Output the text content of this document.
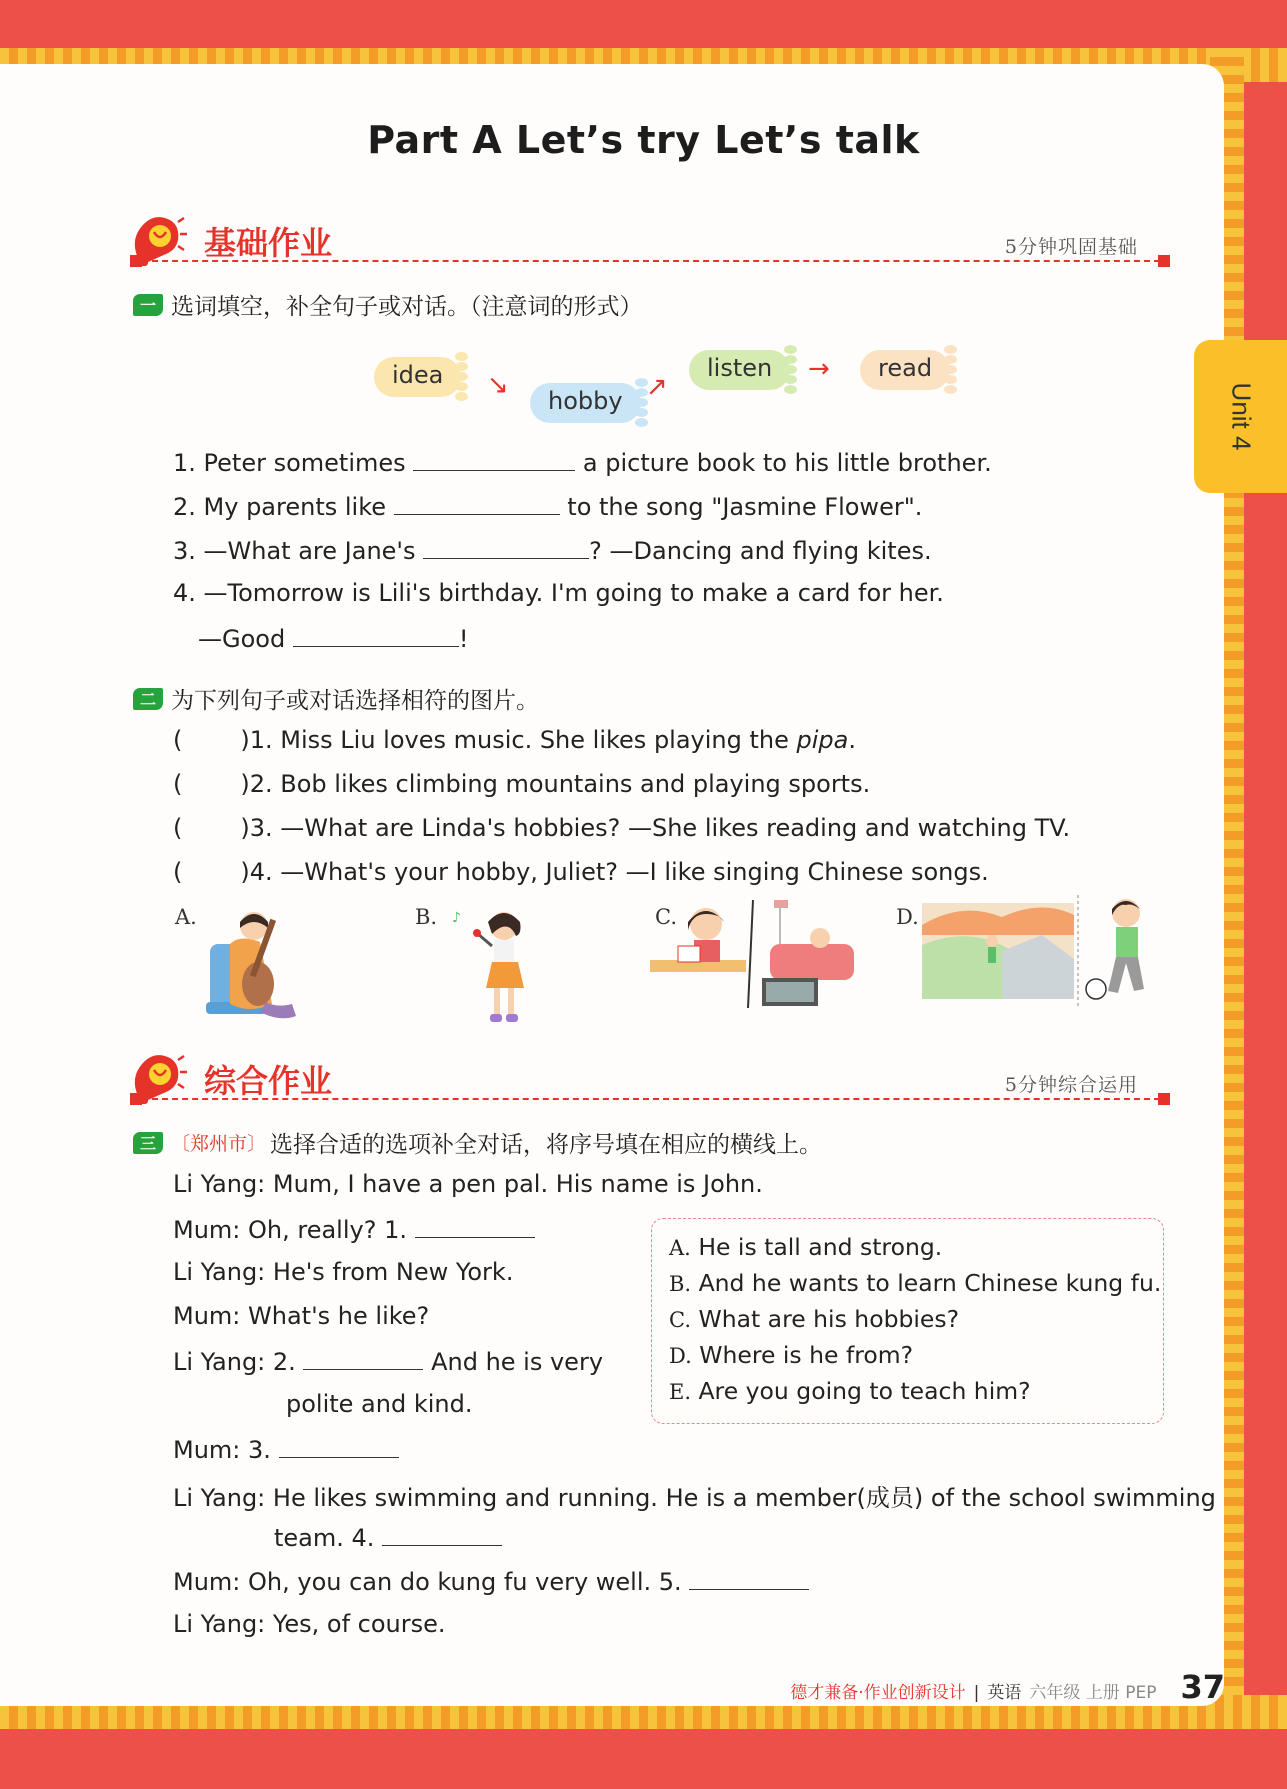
Unit 4
Part A Let’s try Let’s talk
基础作业	5分钟巩固基础
一 选词填空，补全句子或对话。（注意词的形式）
idea	↘
hobby ↗
listen	→	read
1. Peter sometimes	a picture book to his little brother.
2. My parents like	to the song "Jasmine Flower".
3. —What are Jane's	? —Dancing and flying kites.
4. —Tomorrow is Lili's birthday. I'm going to make a card for her.
—Good	!
二 为下列句子或对话选择相符的图片。
( )1. Miss Liu loves music. She likes playing the pipa.
( )2. Bob likes climbing mountains and playing sports.
( )3. —What are Linda's hobbies? —She likes reading and watching TV.
( )4. —What's your hobby, Juliet? —I like singing Chinese songs.
A.	B. ♪	C.	D.
综合作业	5分钟综合运用
三 〔郑州市〕 选择合适的选项补全对话，将序号填在相应的横线上。
Li Yang: Mum, I have a pen pal. His name is John.
Mum: Oh, really? 1.
Li Yang: He's from New York.
Mum: What's he like?
Li Yang: 2.	And he is very
polite and kind.
Mum: 3.
Li Yang: He likes swimming and running. He is a member(成员) of the school swimming
team. 4.
Mum: Oh, you can do kung fu very well. 5.
Li Yang: Yes, of course.
A. He is tall and strong.
B. And he wants to learn Chinese kung fu.
C. What are his hobbies?
D. Where is he from?
E. Are you going to teach him?
德才兼备·作业创新设计 | 英语 六年级 上册 PEP 37
